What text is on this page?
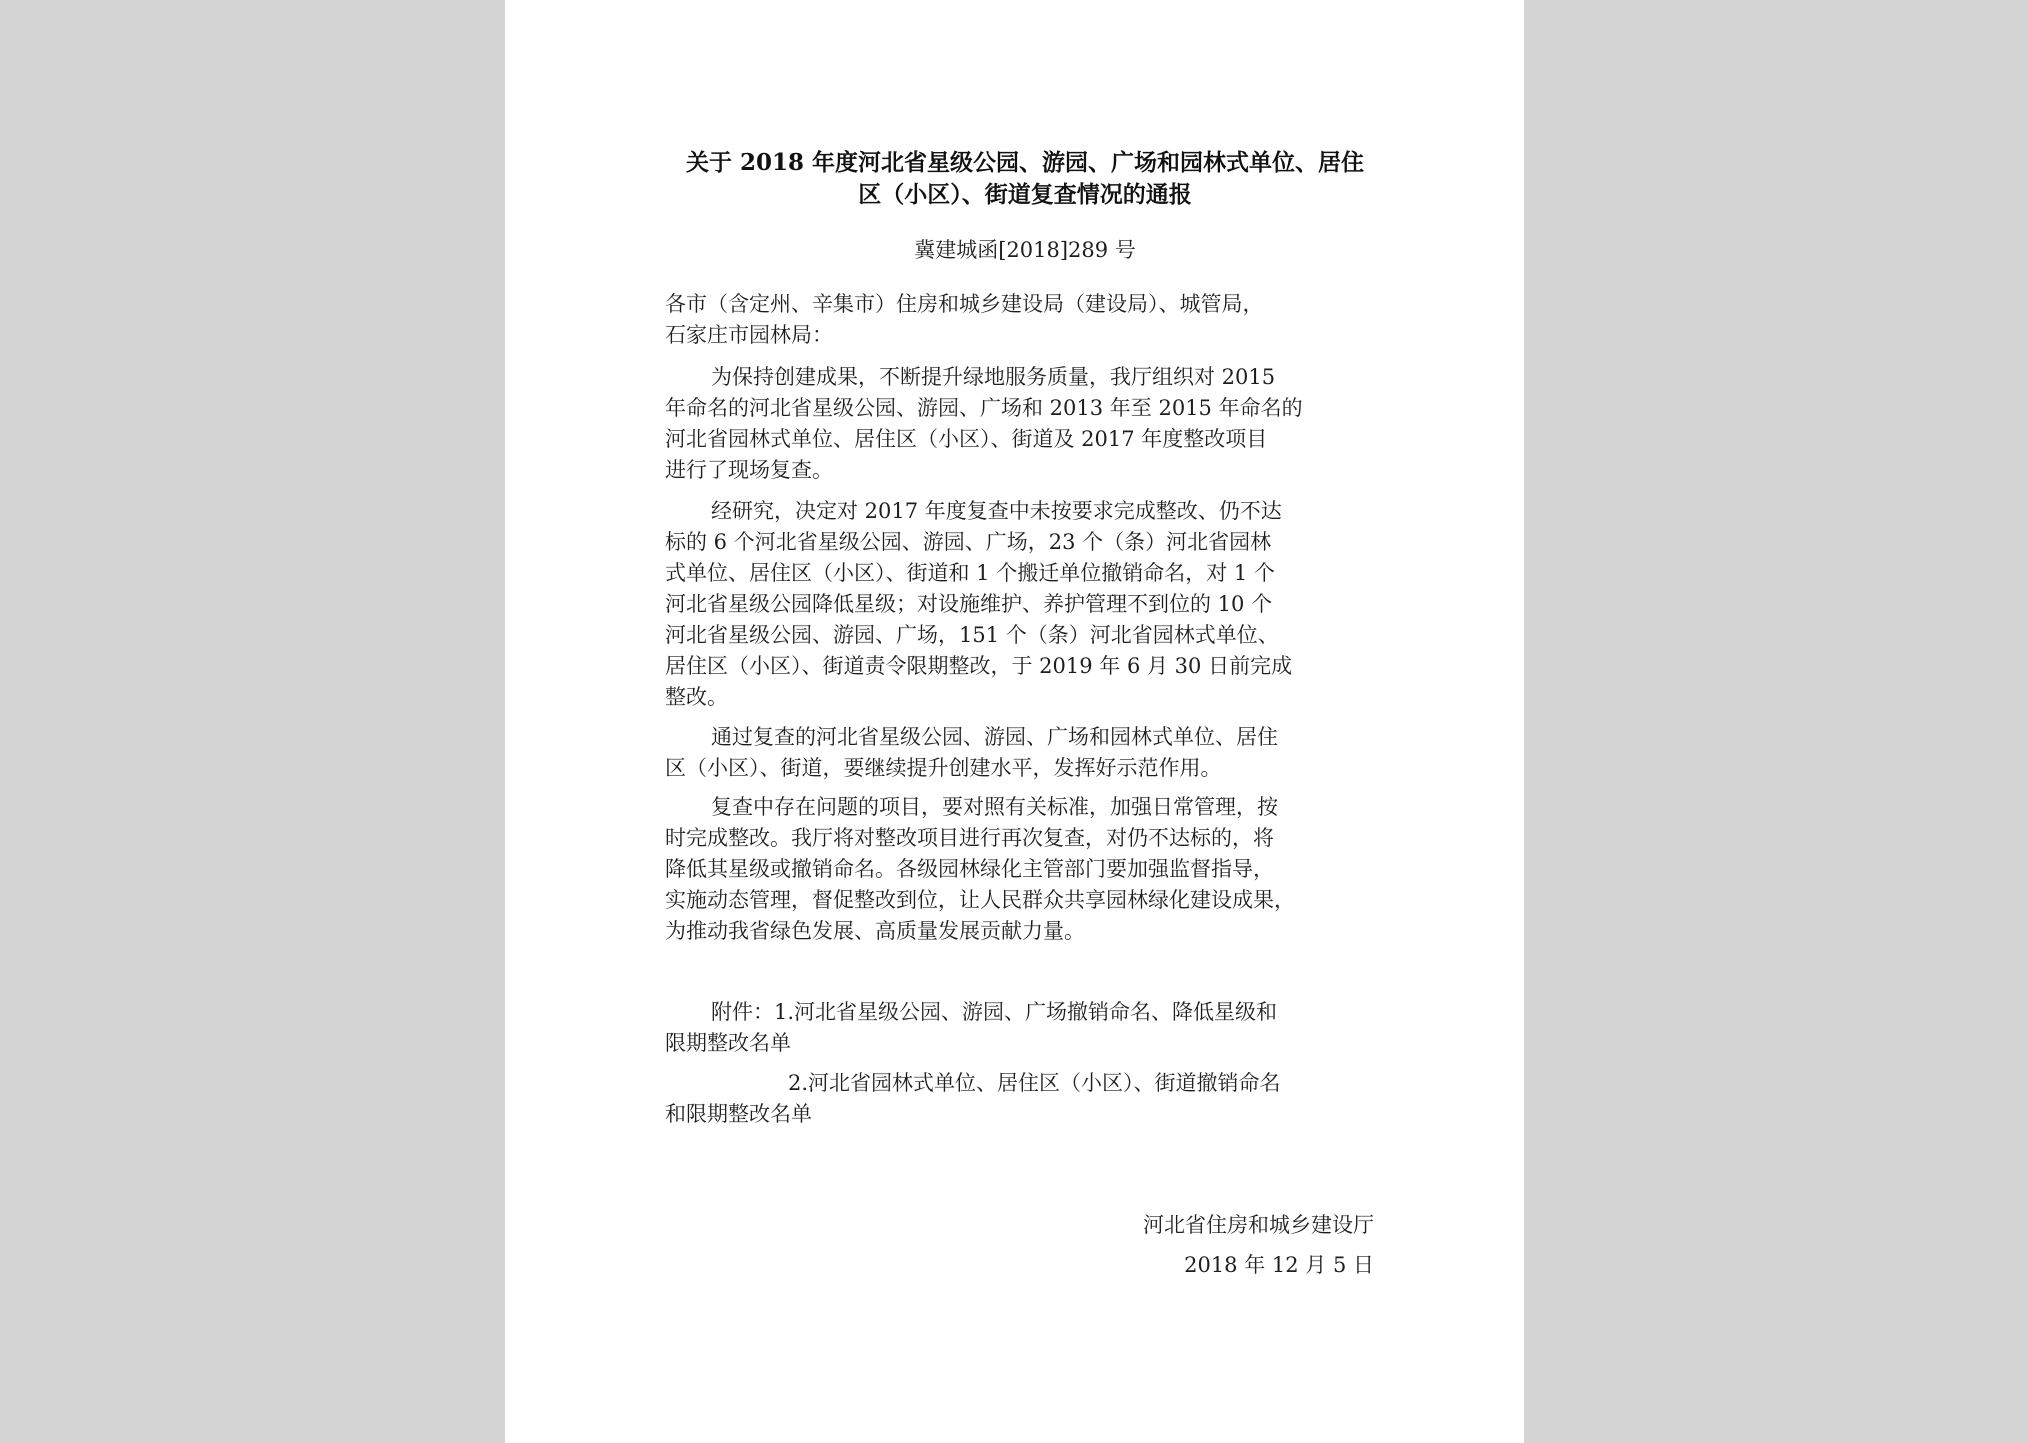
关于 2018 年度河北省星级公园、游园、广场和园林式单位、居住
区（小区）、街道复查情况的通报
冀建城函[2018]289 号
各市（含定州、辛集市）住房和城乡建设局（建设局）、城管局，
石家庄市园林局：
为保持创建成果，不断提升绿地服务质量，我厅组织对 2015
年命名的河北省星级公园、游园、广场和 2013 年至 2015 年命名的
河北省园林式单位、居住区（小区）、街道及 2017 年度整改项目
进行了现场复查。
经研究，决定对 2017 年度复查中未按要求完成整改、仍不达
标的 6 个河北省星级公园、游园、广场，23 个（条）河北省园林
式单位、居住区（小区）、街道和 1 个搬迁单位撤销命名，对 1 个
河北省星级公园降低星级；对设施维护、养护管理不到位的 10 个
河北省星级公园、游园、广场，151 个（条）河北省园林式单位、
居住区（小区）、街道责令限期整改，于 2019 年 6 月 30 日前完成
整改。
通过复查的河北省星级公园、游园、广场和园林式单位、居住
区（小区）、街道，要继续提升创建水平，发挥好示范作用。
复查中存在问题的项目，要对照有关标准，加强日常管理，按
时完成整改。我厅将对整改项目进行再次复查，对仍不达标的，将
降低其星级或撤销命名。各级园林绿化主管部门要加强监督指导，
实施动态管理，督促整改到位，让人民群众共享园林绿化建设成果，
为推动我省绿色发展、高质量发展贡献力量。
附件：1.河北省星级公园、游园、广场撤销命名、降低星级和
限期整改名单
2.河北省园林式单位、居住区（小区）、街道撤销命名
和限期整改名单
河北省住房和城乡建设厅
2018 年 12 月 5 日
